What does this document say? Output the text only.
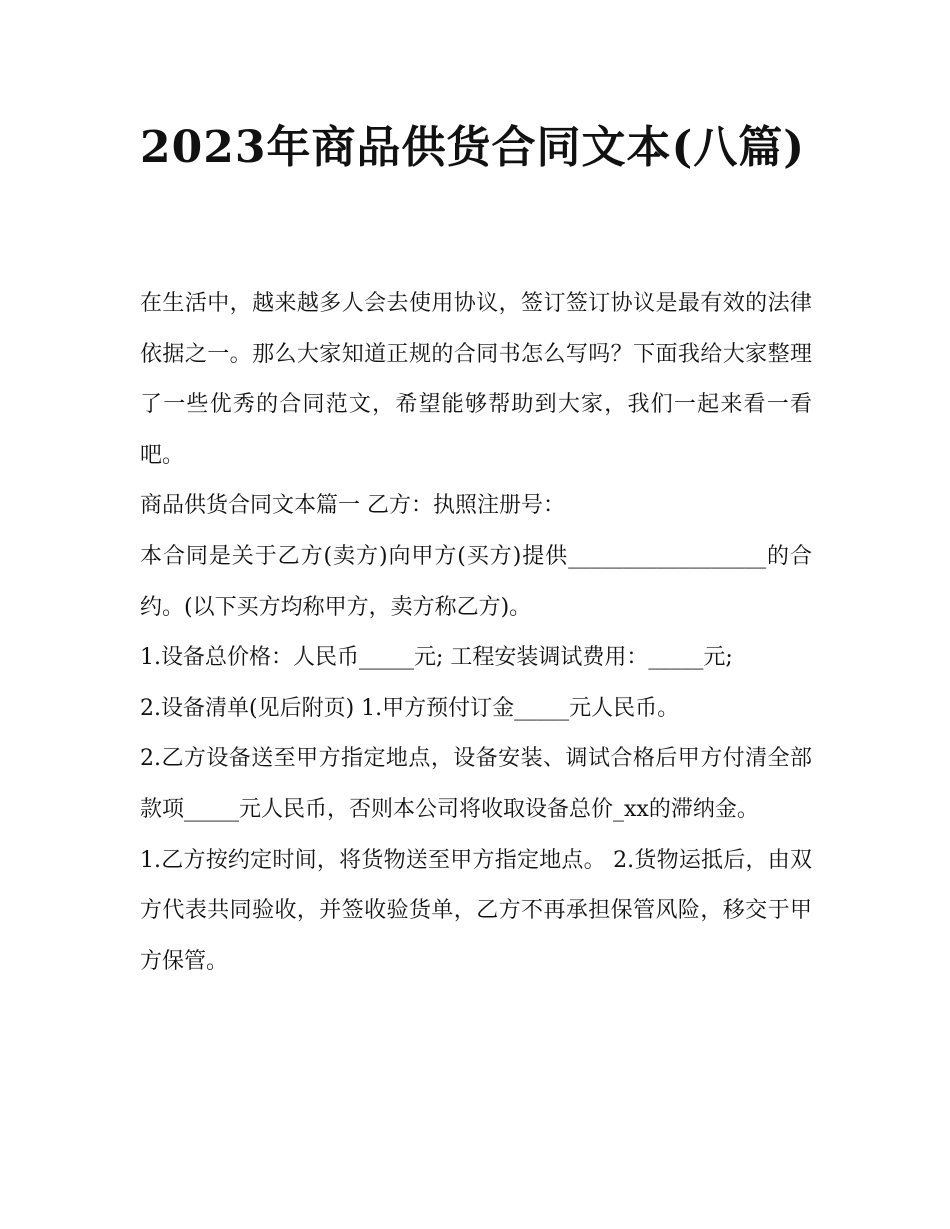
2023年商品供货合同文本(八篇)

在生活中，越来越多人会去使用协议，签订签订协议是最有效的法律依据之一。那么大家知道正规的合同书怎么写吗？下面我给大家整理了一些优秀的合同范文，希望能够帮助到大家，我们一起来看一看吧。

商品供货合同文本篇一 乙方：执照注册号：

本合同是关于乙方(卖方)向甲方(买方)提供__________________的合约。(以下买方均称甲方，卖方称乙方)。

1.设备总价格：人民币_____元; 工程安装调试费用：_____元;

2.设备清单(见后附页) 1.甲方预付订金_____元人民币。

2.乙方设备送至甲方指定地点，设备安装、调试合格后甲方付清全部款项_____元人民币，否则本公司将收取设备总价_xx的滞纳金。

1.乙方按约定时间，将货物送至甲方指定地点。 2.货物运抵后，由双方代表共同验收，并签收验货单，乙方不再承担保管风险，移交于甲方保管。
